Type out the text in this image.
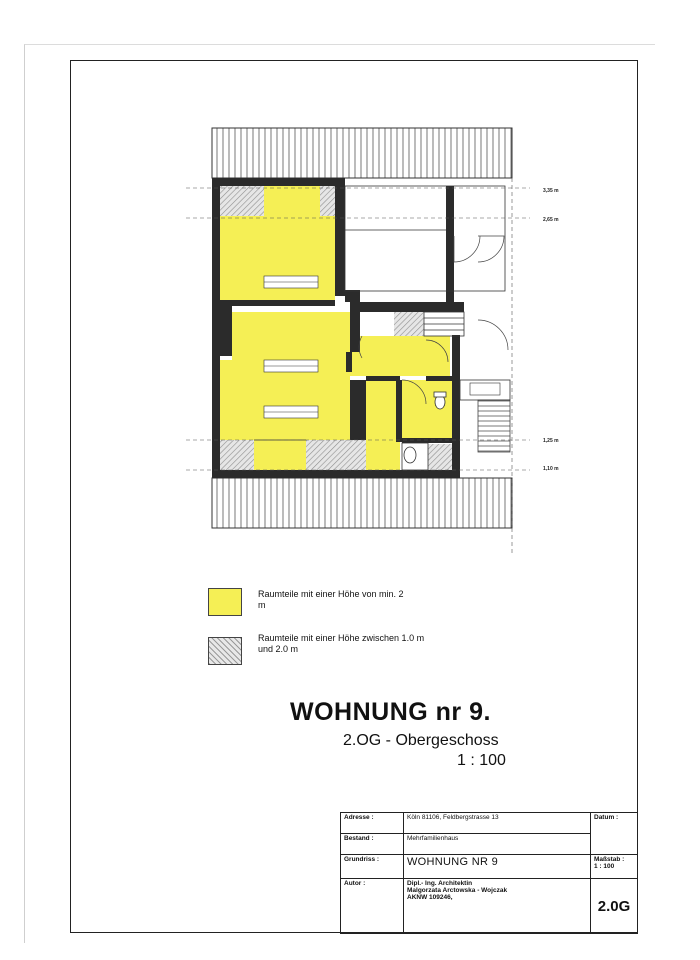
3,35 m
2,65 m
1,25 m
1,10 m
Raumteile mit einer Höhe von min. 2 m
Raumteile mit einer Höhe zwischen 1.0 m und 2.0 m
WOHNUNG nr 9.
2.OG - Obergeschoss
1 : 100
Adresse :	Köln 81106, Feldbergstrasse 13	Datum :
Bestand :	Mehrfamilienhaus	
Grundriss :	WOHNUNG NR 9	Maßstab :
1 : 100

Autor :	Dipl.- Ing. Architektin
Malgorzata Arctowska - Wojczak
AKNW 109246,	2.0G
